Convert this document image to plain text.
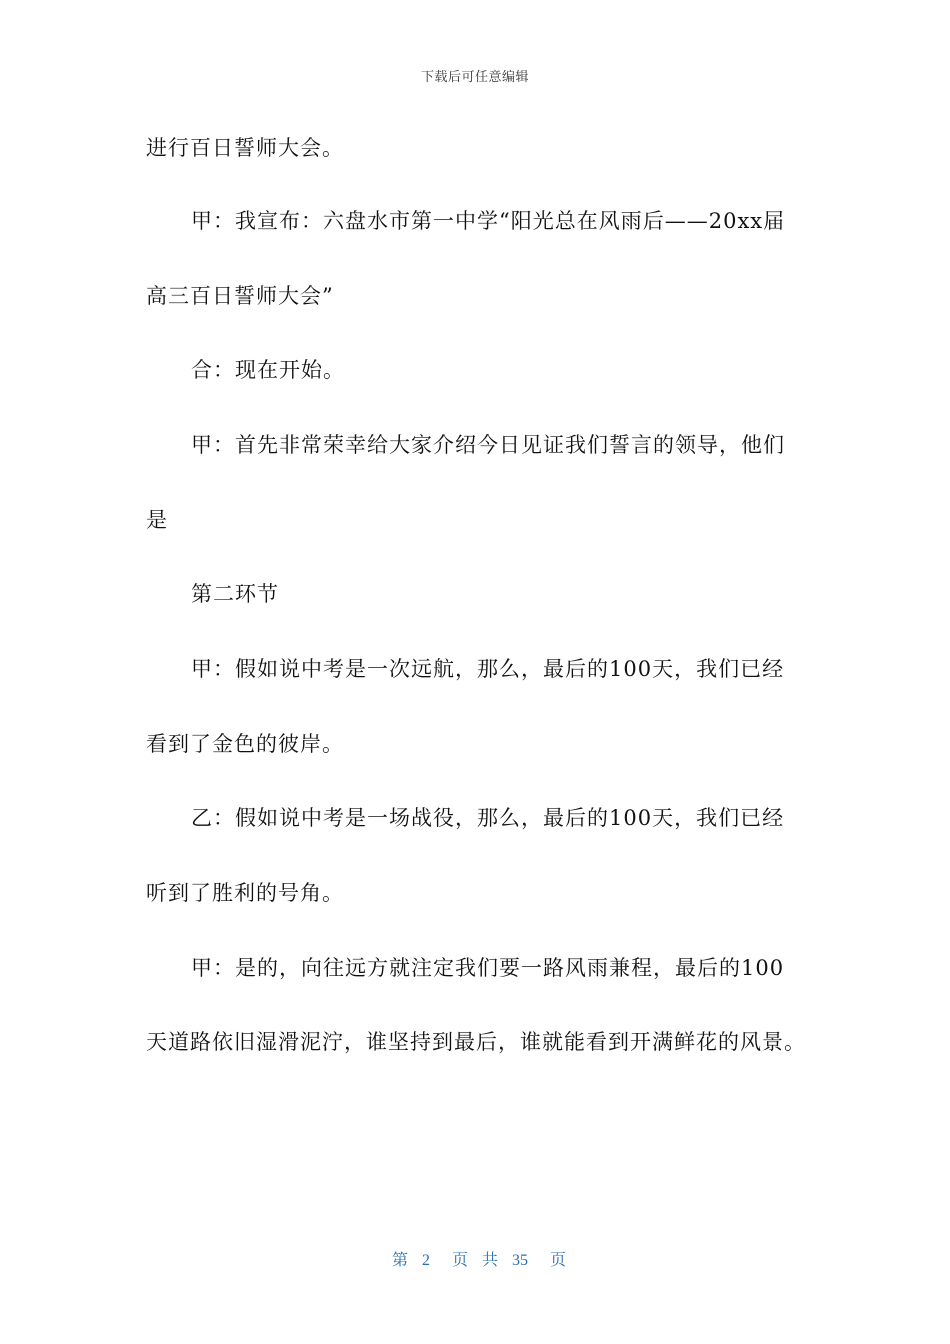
下载后可任意编辑
进行百日誓师大会。
甲：我宣布：六盘水市第一中学“阳光总在风雨后——20xx届
高三百日誓师大会”
合：现在开始。
甲：首先非常荣幸给大家介绍今日见证我们誓言的领导，他们
是
第二环节
甲：假如说中考是一次远航，那么，最后的100天，我们已经
看到了金色的彼岸。
乙：假如说中考是一场战役，那么，最后的100天，我们已经
听到了胜利的号角。
甲：是的，向往远方就注定我们要一路风雨兼程，最后的100
天道路依旧湿滑泥泞，谁坚持到最后，谁就能看到开满鲜花的风景。

第 2 页 共 35 页
